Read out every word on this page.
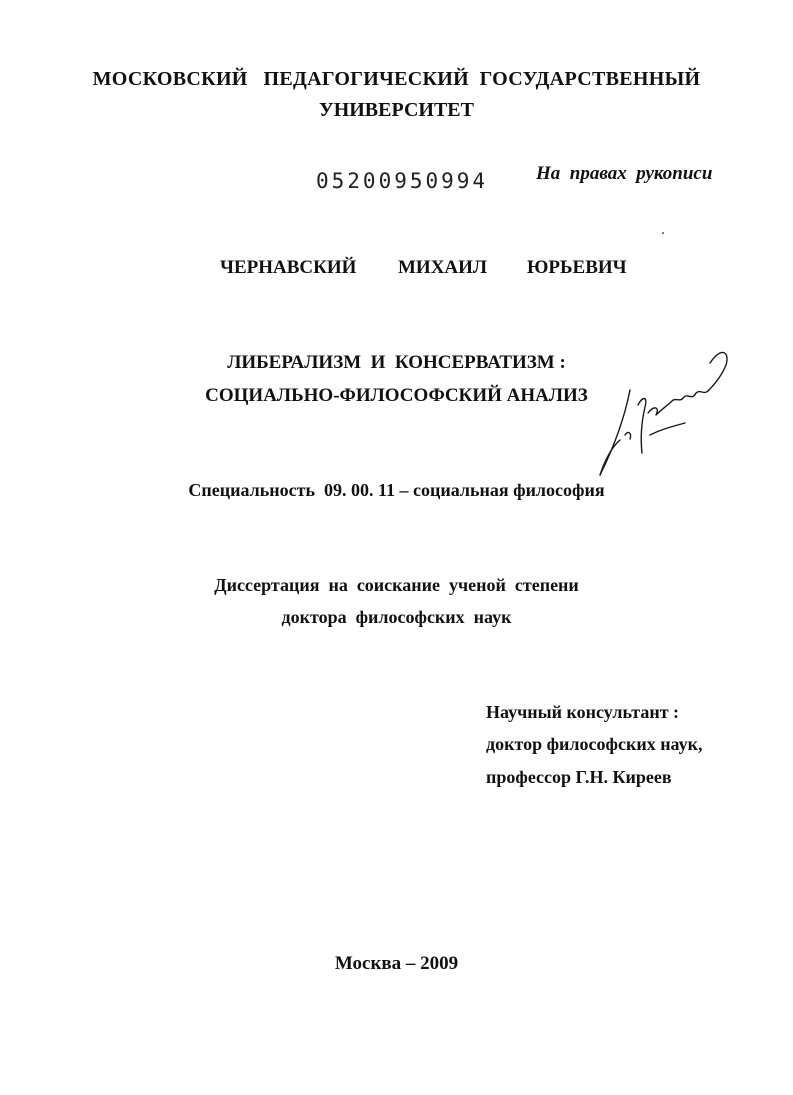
МОСКОВСКИЙ   ПЕДАГОГИЧЕСКИЙ  ГОСУДАРСТВЕННЫЙ
УНИВЕРСИТЕТ
05200950994	На  правах  рукописи

ЧЕРНАВСКИЙ

МИХАИЛ

ЮРЬЕВИЧ

ЛИБЕРАЛИЗМ  И  КОНСЕРВАТИЗМ :
СОЦИАЛЬНО-ФИЛОСОФСКИЙ АНАЛИЗ
Специальность  09. 00. 11 – социальная философия
Диссертация  на  соискание  ученой  степени
доктора  философских  наук
Научный консультант :
доктор философских наук,
профессор Г.Н. Киреев
Москва – 2009
